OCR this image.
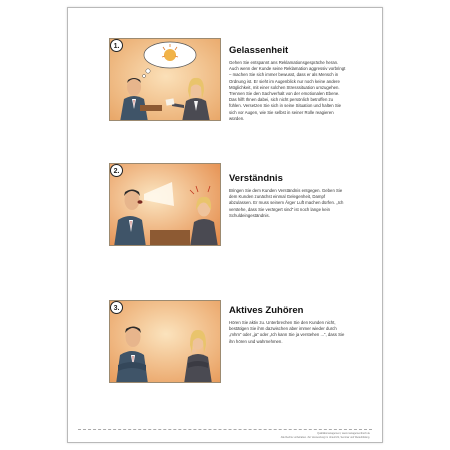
1.	Gelassenheit
Gehen Sie entspannt ans Reklamationsgespräche heran. Auch wenn der Kunde seine Reklamation aggressiv vorbringt – machen Sie sich immer bewusst, dass er als Mensch in Ordnung ist. Er sieht im Augenblick nur noch keine andere Möglichkeit, mit einer solchen Stresssituation umzugehen. Trennen Sie den Sachverhalt von der emotionalen Ebene. Das hilft Ihnen dabei, sich nicht persönlich betroffen zu fühlen. Versetzen Sie sich in seine Situation und halten Sie sich vor Augen, wie Sie selbst in seiner Rolle reagieren würden.
2.
Verständnis
Bringen Sie dem Kunden Verständnis entgegen. Geben Sie dem Kunden zunächst einmal Gelegenheit, Dampf abzulassen. Er muss seinem Ärger Luft machen dürfen. „Ich verstehe, dass Sie verärgert sind“ ist noch lange kein Schuldeingeständnis.
3.	Aktives Zuhören
Hören Sie aktiv zu. Unterbrechen Sie den Kunden nicht, bestätigen Sie ihm dazwischen aber immer wieder durch „mhm“ oder „ja“ oder „Ich kann Sie ja verstehen ...“, dass Sie ihn hören und wahrnehmen.
Qualitätsmanagement, www.managementbuch.de
Alle Rechte vorbehalten. Zur Verwendung im Unterricht, Seminar und Weiterbildung.
